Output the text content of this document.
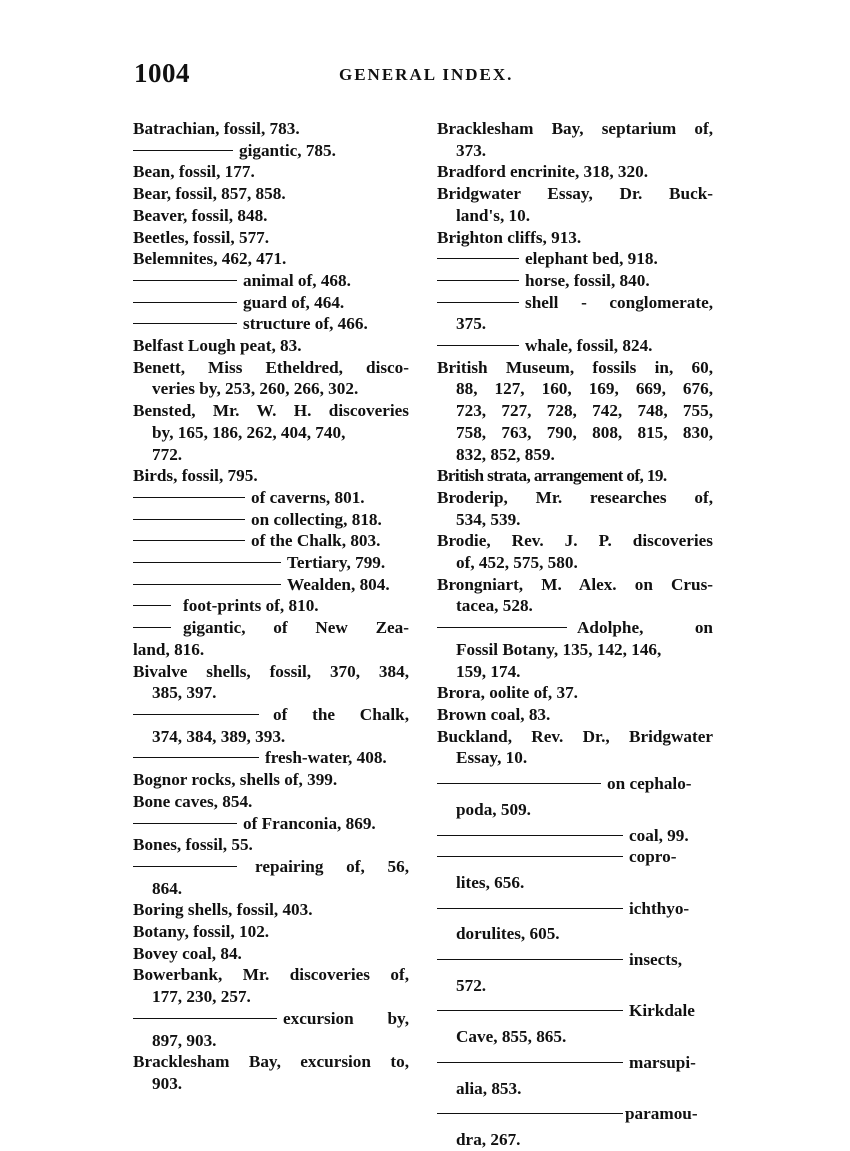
1004	GENERAL INDEX.
Batrachian, fossil, 783.
gigantic, 785.
Bean, fossil, 177.
Bear, fossil, 857, 858.
Beaver, fossil, 848.
Beetles, fossil, 577.
Belemnites, 462, 471.
animal of, 468.
guard of, 464.
structure of, 466.
Belfast Lough peat, 83.
Benett, Miss Etheldred, disco-
veries by, 253, 260, 266, 302.
Bensted, Mr. W. H. discoveries
by, 165, 186, 262, 404, 740,
772.
Birds, fossil, 795.
of caverns, 801.
on collecting, 818.
of the Chalk, 803.
Tertiary, 799.
Wealden, 804.
foot-prints of, 810.
gigantic, of New Zea-
land, 816.
Bivalve shells, fossil, 370, 384,
385, 397.
of the Chalk,
374, 384, 389, 393.
fresh-water, 408.
Bognor rocks, shells of, 399.
Bone caves, 854.
of Franconia, 869.
Bones, fossil, 55.
repairing of, 56,
864.
Boring shells, fossil, 403.
Botany, fossil, 102.
Bovey coal, 84.
Bowerbank, Mr. discoveries of,
177, 230, 257.
excursion by,
897, 903.
Bracklesham Bay, excursion to,
903.
Bracklesham Bay, septarium of,
373.
Bradford encrinite, 318, 320.
Bridgwater Essay, Dr. Buck-
land's, 10.
Brighton cliffs, 913.
elephant bed, 918.
horse, fossil, 840.
shell - conglomerate,
375.
whale, fossil, 824.
British Museum, fossils in, 60,
88, 127, 160, 169, 669, 676,
723, 727, 728, 742, 748, 755,
758, 763, 790, 808, 815, 830,
832, 852, 859.
British strata, arrangement of, 19.
Broderip, Mr. researches of,
534, 539.
Brodie, Rev. J. P. discoveries
of, 452, 575, 580.
Brongniart, M. Alex. on Crus-
tacea, 528.
Adolphe, on
Fossil Botany, 135, 142, 146,
159, 174.
Brora, oolite of, 37.
Brown coal, 83.
Buckland, Rev. Dr., Bridgwater
Essay, 10.
on cephalo-
poda, 509.
coal, 99.
copro-
lites, 656.
ichthyo-
dorulites, 605.
insects,
572.
Kirkdale
Cave, 855, 865.
marsupi-
alia, 853.
paramou-
dra, 267.
